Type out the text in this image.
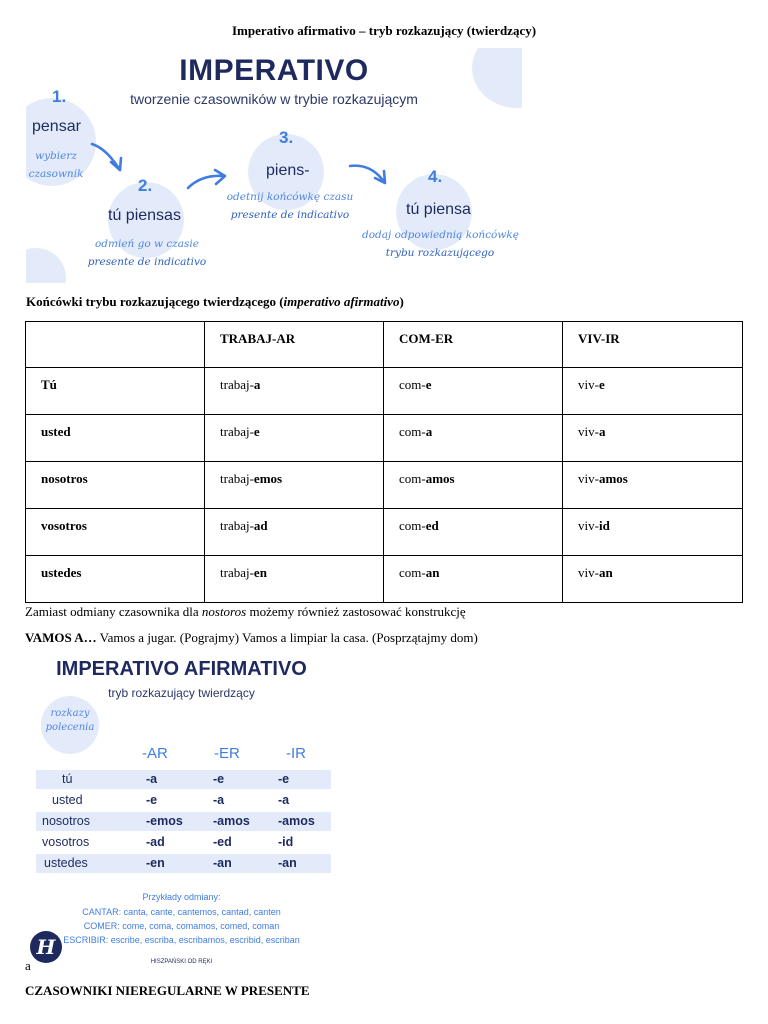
Imperativo afirmativo – tryb rozkazujący (twierdzący)
IMPERATIVO
tworzenie czasowników w trybie rozkazującym
1.
pensar
wybierz
czasownik
2.
tú piensas
odmień go w czasie
presente de indicativo
3.
piens-
odetnij końcówkę czasu
presente de indicativo
4.
tú piensa
dodaj odpowiednią końcówkę
trybu rozkazującego
Końcówki trybu rozkazującego twierdzącego (imperativo afirmativo)
	TRABAJ-AR	COM-ER	VIV-IR
Tú	trabaj-a	com-e	viv-e
usted	trabaj-e	com-a	viv-a
nosotros	trabaj-emos	com-amos	viv-amos
vosotros	trabaj-ad	com-ed	viv-id
ustedes	trabaj-en	com-an	viv-an
Zamiast odmiany czasownika dla nostoros możemy również zastosować konstrukcję
VAMOS A… Vamos a jugar. (Pograjmy) Vamos a limpiar la casa. (Posprzątajmy dom)
IMPERATIVO AFIRMATIVO
tryb rozkazujący twierdzący
rozkazy
polecenia
-AR	-ER	-IR
tú	-a	-e	-e
usted	-e	-a	-a
nosotros	-emos -amos -amos
vosotros	-ad	-ed	-id
ustedes	-en	-an	-an
Przykłady odmiany:
CANTAR: canta, cante, cantemos, cantad, canten
COMER: come, coma, comamos, comed, coman
ESCRIBIR: escribe, escriba, escribamos, escribid, escriban
H
HISZPAŃSKI OD RĘKI
a
CZASOWNIKI NIEREGULARNE W PRESENTE
